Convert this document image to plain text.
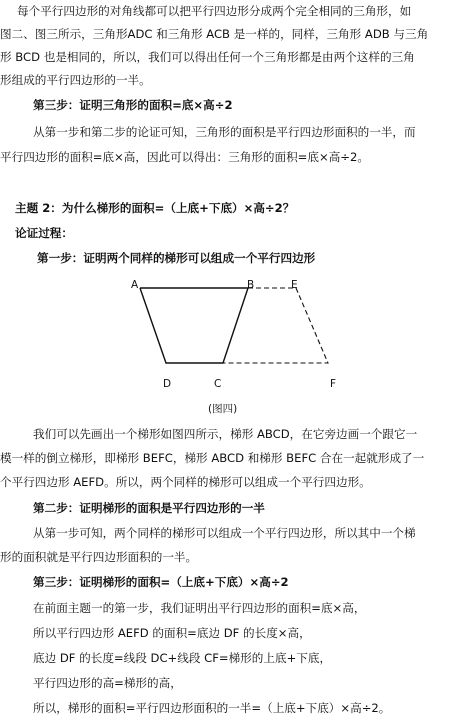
每个平行四边形的对角线都可以把平行四边形分成两个完全相同的三角形，如
图二、图三所示，三角形ADC 和三角形 ACB 是一样的，同样，三角形 ADB 与三角
形 BCD 也是相同的，所以，我们可以得出任何一个三角形都是由两个这样的三角
形组成的平行四边形的一半。
第三步：证明三角形的面积=底×高÷2
从第一步和第二步的论证可知，三角形的面积是平行四边形面积的一半，而
平行四边形的面积=底×高，因此可以得出：三角形的面积=底×高÷2。
主题 2：为什么梯形的面积=（上底+下底）×高÷2？
论证过程：
第一步：证明两个同样的梯形可以组成一个平行四边形
A	B	E
D	C	F
(图四)
我们可以先画出一个梯形如图四所示，梯形 ABCD，在它旁边画一个跟它一
模一样的倒立梯形，即梯形 BEFC，梯形 ABCD 和梯形 BEFC 合在一起就形成了一
个平行四边形 AEFD。所以，两个同样的梯形可以组成一个平行四边形。
第二步：证明梯形的面积是平行四边形的一半
从第一步可知，两个同样的梯形可以组成一个平行四边形，所以其中一个梯
形的面积就是平行四边形面积的一半。
第三步：证明梯形的面积=（上底+下底）×高÷2
在前面主题一的第一步，我们证明出平行四边形的面积=底×高，
所以平行四边形 AEFD 的面积=底边 DF 的长度×高，
底边 DF 的长度=线段 DC+线段 CF=梯形的上底+下底，
平行四边形的高=梯形的高，
所以，梯形的面积=平行四边形面积的一半=（上底+下底）×高÷2。
